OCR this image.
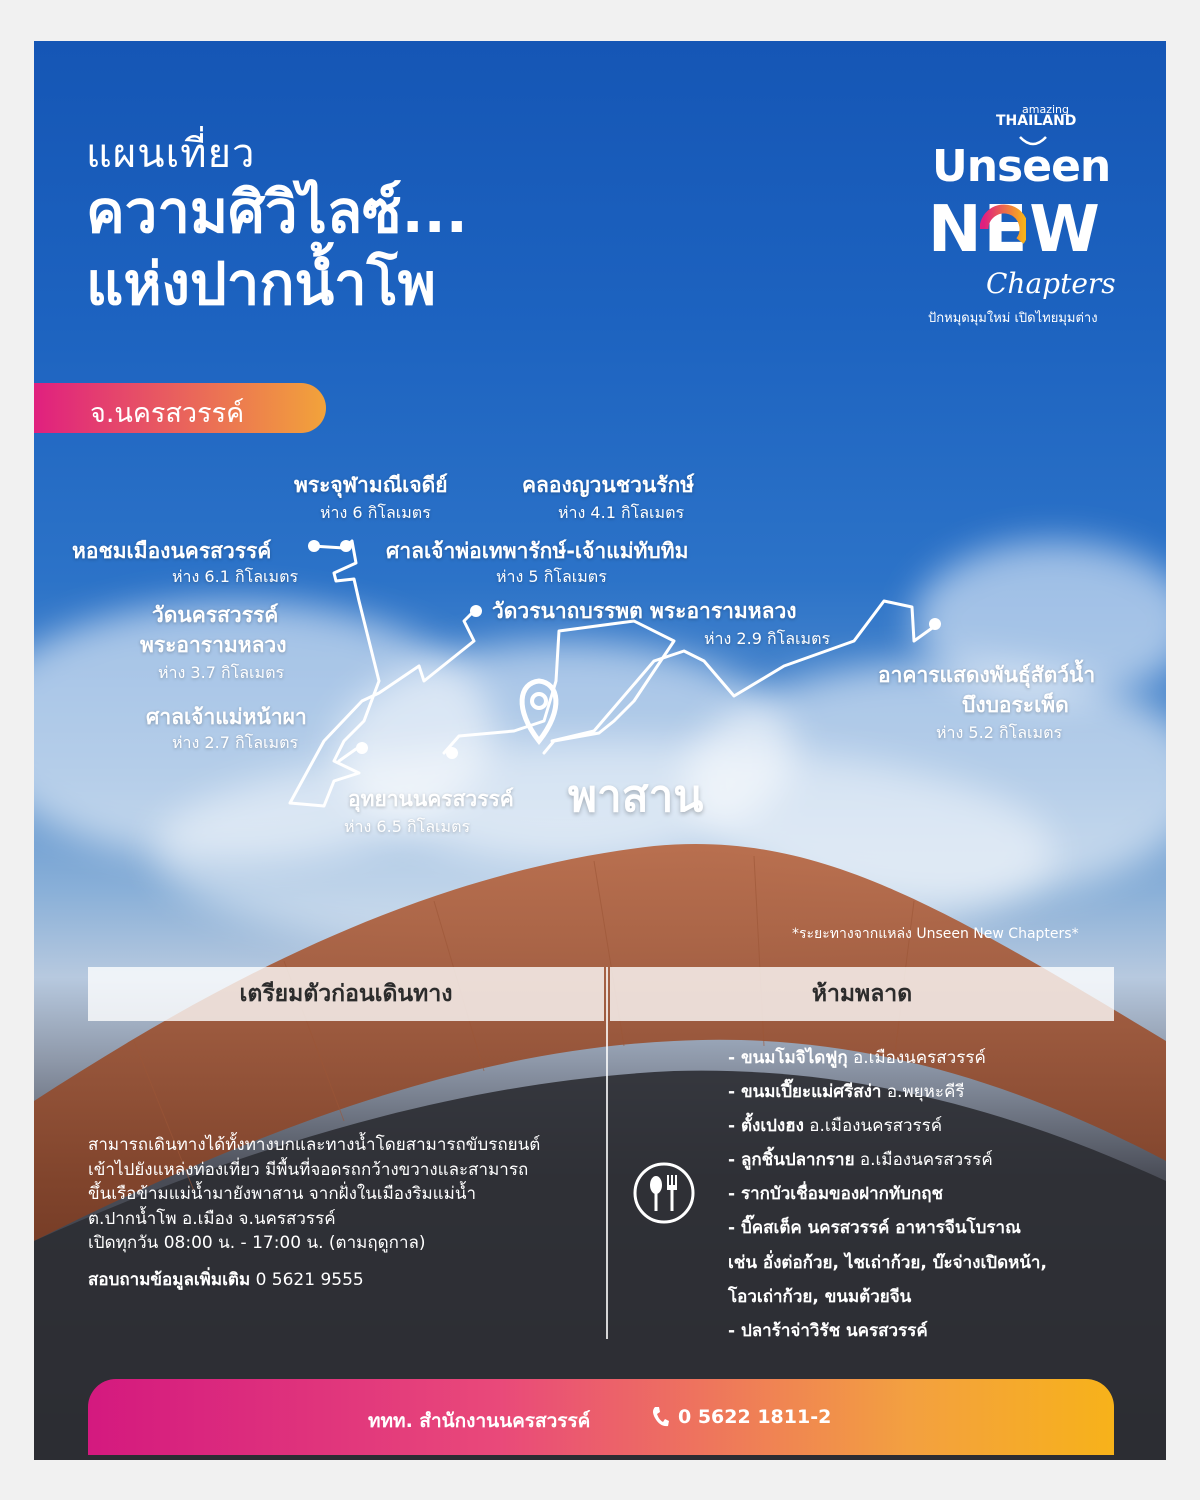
แผนเที่ยว
ความศิวิไลซ์...
แห่งปากน้ำโพ
จ.นครสวรรค์
amazing
THAILAND
Unseen
NEW
Chapters
ปักหมุดมุมใหม่ เปิดไทยมุมต่าง
พระจุฬามณีเจดีย์
ห่าง 6 กิโลเมตร
คลองญวนชวนรักษ์
ห่าง 4.1 กิโลเมตร
หอชมเมืองนครสวรรค์
ห่าง 6.1 กิโลเมตร
ศาลเจ้าพ่อเทพารักษ์-เจ้าแม่ทับทิม
ห่าง 5 กิโลเมตร
วัดวรนาถบรรพต พระอารามหลวง
ห่าง 2.9 กิโลเมตร
วัดนครสวรรค์
พระอารามหลวง
ห่าง 3.7 กิโลเมตร	อาคารแสดงพันธุ์สัตว์น้ำ
บึงบอระเพ็ด
ห่าง 5.2 กิโลเมตร
ศาลเจ้าแม่หน้าผา
ห่าง 2.7 กิโลเมตร
อุทยานนครสวรรค์
ห่าง 6.5 กิโลเมตร
พาสาน
*ระยะทางจากแหล่ง Unseen New Chapters*
เตรียมตัวก่อนเดินทาง	ห้ามพลาด
สามารถเดินทางได้ทั้งทางบกและทางน้ำโดยสามารถขับรถยนต์
เข้าไปยังแหล่งท่องเที่ยว มีพื้นที่จอดรถกว้างขวางและสามารถ
ขึ้นเรือข้ามแม่น้ำมายังพาสาน จากฝั่งในเมืองริมแม่น้ำ
ต.ปากน้ำโพ อ.เมือง จ.นครสวรรค์
เปิดทุกวัน 08:00 น. - 17:00 น. (ตามฤดูกาล)
สอบถามข้อมูลเพิ่มเติม 0 5621 9555
- ขนมโมจิไดฟูกุ อ.เมืองนครสวรรค์
- ขนมเปี๊ยะแม่ศรีสง่า อ.พยุหะคีรี
- ตั้งเปงฮง อ.เมืองนครสวรรค์
- ลูกชิ้นปลากราย อ.เมืองนครสวรรค์
- รากบัวเชื่อมของฝากทับกฤช
- บิ๊คสเต็ค นครสวรรค์ อาหารจีนโบราณ
เช่น อั่งต่อก้วย, ไชเถ่าก้วย, บ๊ะจ่างเปิดหน้า,
โอวเถ่าก้วย, ขนมต้วยจีน
- ปลาร้าจ่าวิรัช นครสวรรค์
ททท. สำนักงานนครสวรรค์	0 5622 1811-2
